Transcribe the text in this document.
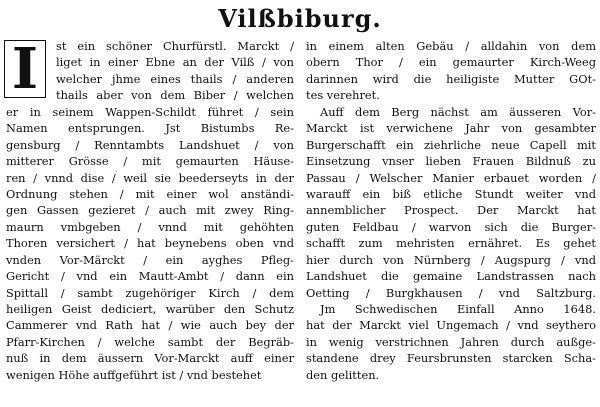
Vilßbiburg.
I	st ein schöner Churfürstl. Marckt /
liget in einer Ebne an der Vilß / von
welcher jhme eines thails / anderen
thails aber von dem Biber / welchen
er in seinem Wappen-Schildt führet / sein
Namen entsprungen. Jst Bistumbs Re-
gensburg / Renntambts Landshuet / von
mitterer Grösse / mit gemaurten Häuse-
ren / vnnd dise / weil sie beederseyts in der
Ordnung stehen / mit einer wol anständi-
gen Gassen gezieret / auch mit zwey Ring-
maurn vmbgeben / vnnd mit gehöhten
Thoren versichert / hat beynebens oben vnd
vnden Vor-Märckt / ein ayghes Pfleg-
Gericht / vnd ein Mautt-Ambt / dann ein
Spittall / sambt zugehöriger Kirch / dem
heiligen Geist dediciert, warüber den Schutz
Cammerer vnd Rath hat / wie auch bey der
Pfarr-Kirchen / welche sambt der Begräb-
nuß in dem äussern Vor-Marckt auff einer
wenigen Höhe auffgeführt ist / vnd bestehet
in einem alten Gebäu / alldahin von dem
obern Thor / ein gemaurter Kirch-Weeg
darinnen wird die heiligiste Mutter GOt-
tes verehret.
Auff dem Berg nächst am äusseren Vor-
Marckt ist verwichene Jahr von gesambter
Burgerschafft ein ziehrliche neue Capell mit
Einsetzung vnser lieben Frauen Bildnuß zu
Passau / Welscher Manier erbauet worden /
warauff ein biß etliche Stundt weiter vnd
annemblicher Prospect. Der Marckt hat
guten Feldbau / warvon sich die Burger-
schafft zum mehristen ernähret. Es gehet
hier durch von Nürnberg / Augspurg / vnd
Landshuet die gemaine Landstrassen nach
Oetting / Burgkhausen / vnd Saltzburg.
Jm Schwedischen Einfall Anno 1648.
hat der Marckt viel Ungemach / vnd seythero
in wenig verstrichnen Jahren durch außge-
standene drey Feursbrunsten starcken Scha-
den gelitten.
